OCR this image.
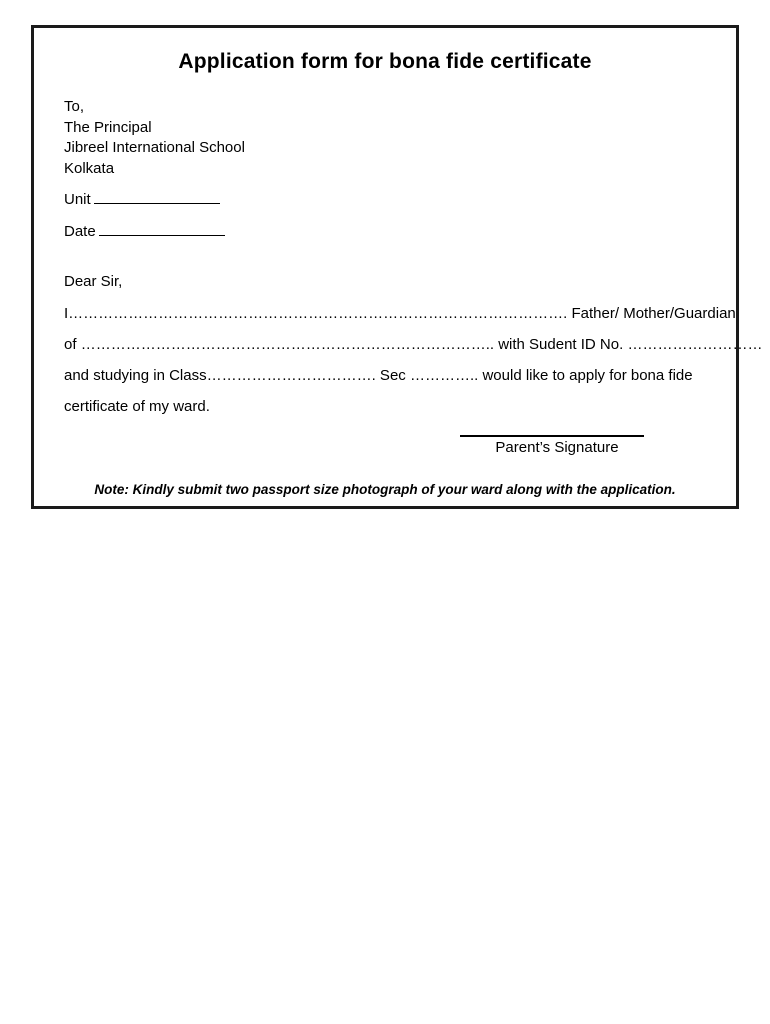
Application form for bona fide certificate
To,
The Principal
Jibreel International School
Kolkata
Unit
Date
Dear Sir,
I………………………………………………………………………………………. Father/ Mother/Guardian
of ……………………………………………………………………….. with Sudent ID No. ………………………
and studying in Class……………………………. Sec ………….. would like to apply for bona fide
certificate of my ward.
Parent’s Signature
Note: Kindly submit two passport size photograph of your ward along with the application.
